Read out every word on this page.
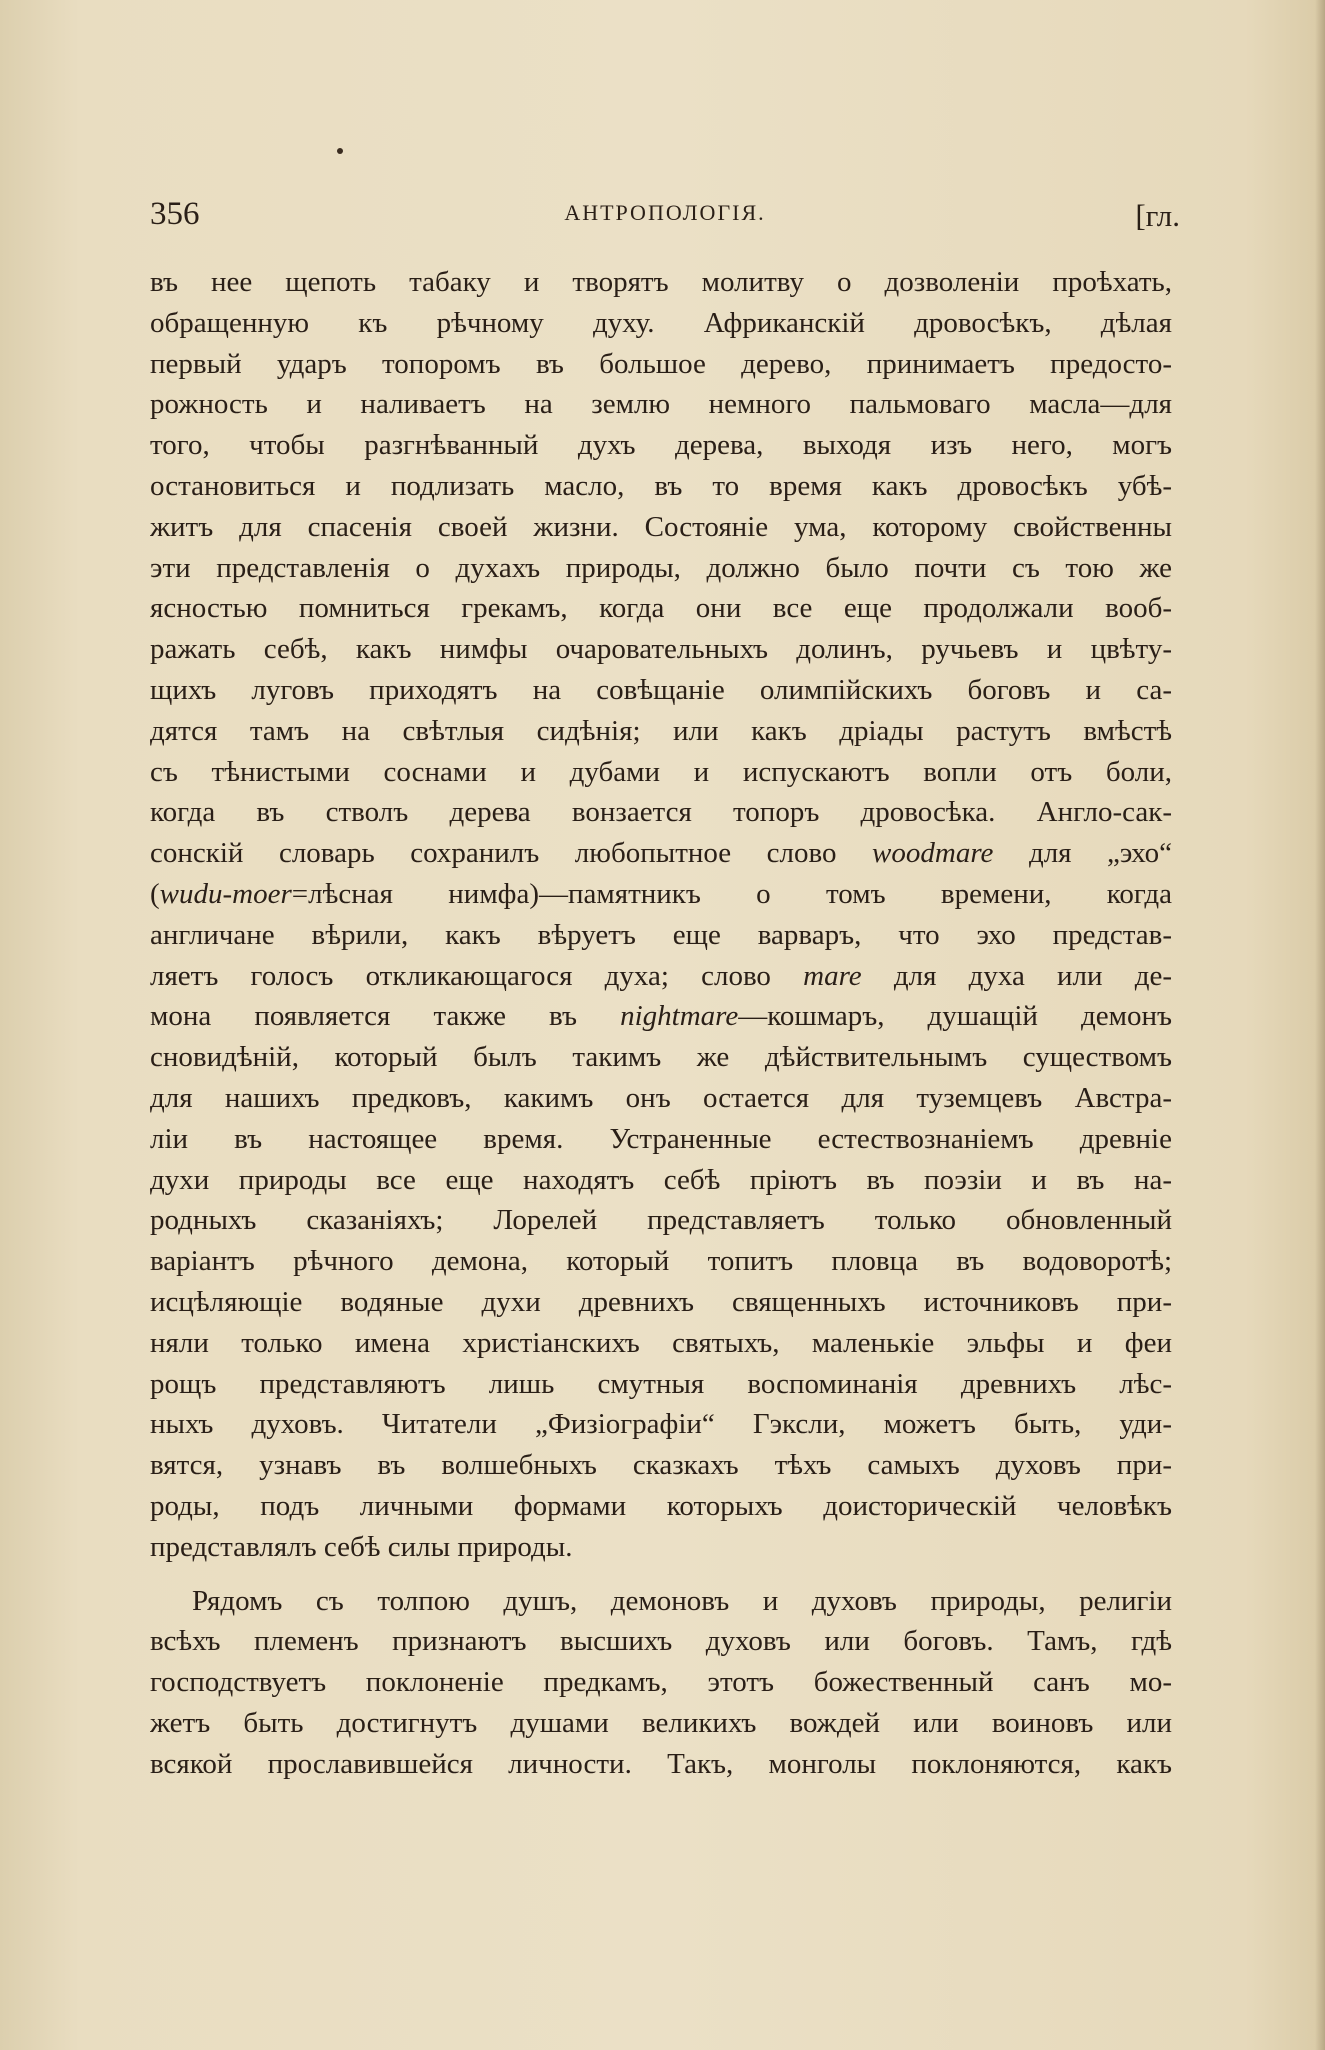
356	АНТРОПОЛОГІЯ.	[гл.
въ нее щепоть табаку и творятъ молитву о дозволеніи проѣхать,
обращенную къ рѣчному духу. Африканскій дровосѣкъ, дѣлая
первый ударъ топоромъ въ большое дерево, принимаетъ предосто-
рожность и наливаетъ на землю немного пальмоваго масла—для
того, чтобы разгнѣванный духъ дерева, выходя изъ него, могъ
остановиться и подлизать масло, въ то время какъ дровосѣкъ убѣ-
житъ для спасенія своей жизни. Состояніе ума, которому свойственны
эти представленія о духахъ природы, должно было почти съ тою же
ясностью помниться грекамъ, когда они все еще продолжали вооб-
ражать себѣ, какъ нимфы очаровательныхъ долинъ, ручьевъ и цвѣту-
щихъ луговъ приходятъ на совѣщаніе олимпійскихъ боговъ и са-
дятся тамъ на свѣтлыя сидѣнія; или какъ дріады растутъ вмѣстѣ
съ тѣнистыми соснами и дубами и испускаютъ вопли отъ боли,
когда въ стволъ дерева вонзается топоръ дровосѣка. Англо-сак-
сонскій словарь сохранилъ любопытное слово woodmare для „эхо“
(wudu-moer=лѣсная нимфа)—памятникъ о томъ времени, когда
англичане вѣрили, какъ вѣруетъ еще варваръ, что эхо представ-
ляетъ голосъ откликающагося духа; слово mare для духа или де-
мона появляется также въ nightmare—кошмаръ, душащій демонъ
сновидѣній, который былъ такимъ же дѣйствительнымъ существомъ
для нашихъ предковъ, какимъ онъ остается для туземцевъ Австра-
ліи въ настоящее время. Устраненные естествознаніемъ древніе
духи природы все еще находятъ себѣ пріютъ въ поэзіи и въ на-
родныхъ сказаніяхъ; Лорелей представляетъ только обновленный
варіантъ рѣчного демона, который топитъ пловца въ водоворотѣ;
исцѣляющіе водяные духи древнихъ священныхъ источниковъ при-
няли только имена христіанскихъ святыхъ, маленькіе эльфы и феи
рощъ представляютъ лишь смутныя воспоминанія древнихъ лѣс-
ныхъ духовъ. Читатели „Физіографіи“ Гэксли, можетъ быть, уди-
вятся, узнавъ въ волшебныхъ сказкахъ тѣхъ самыхъ духовъ при-
роды, подъ личными формами которыхъ доисторическій человѣкъ
представлялъ себѣ силы природы.
Рядомъ съ толпою душъ, демоновъ и духовъ природы, религіи
всѣхъ племенъ признаютъ высшихъ духовъ или боговъ. Тамъ, гдѣ
господствуетъ поклоненіе предкамъ, этотъ божественный санъ мо-
жетъ быть достигнутъ душами великихъ вождей или воиновъ или
всякой прославившейся личности. Такъ, монголы поклоняются, какъ
